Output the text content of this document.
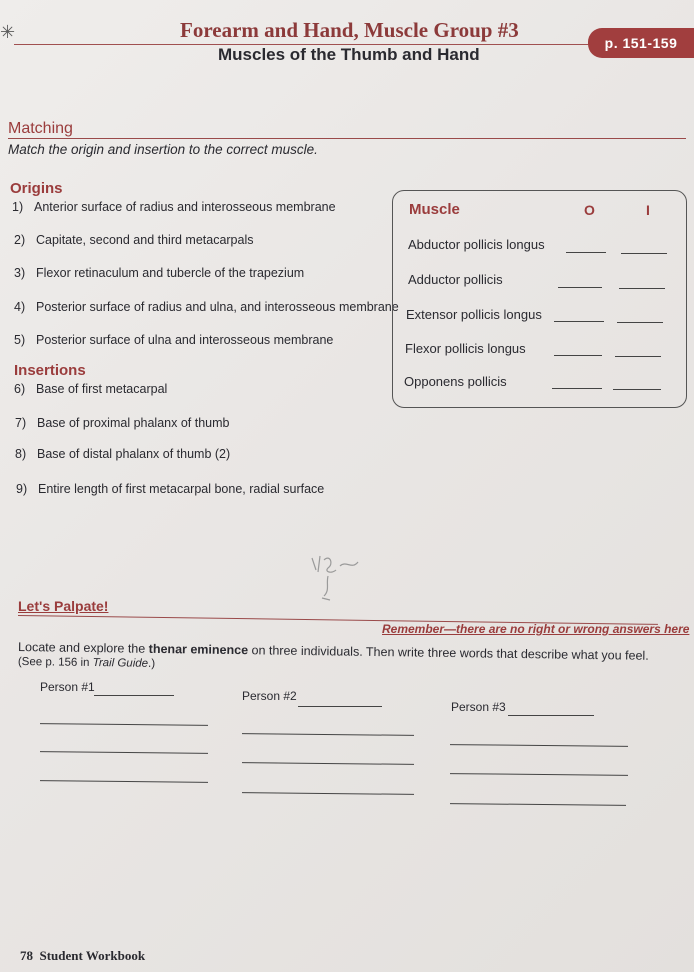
✳	Forearm and Hand, Muscle Group #3
Muscles of the Thumb and Hand
p. 151-159
Matching
Match the origin and insertion to the correct muscle.
Origins
1) Anterior surface of radius and interosseous membrane
2) Capitate, second and third metacarpals
3) Flexor retinaculum and tubercle of the trapezium
4) Posterior surface of radius and ulna, and interosseous membrane
5) Posterior surface of ulna and interosseous membrane
Insertions
6) Base of first metacarpal
7) Base of proximal phalanx of thumb
8) Base of distal phalanx of thumb (2)
9) Entire length of first metacarpal bone, radial surface
Muscle	O	I
Abductor pollicis longus
Adductor pollicis
Extensor pollicis longus
Flexor pollicis longus
Opponens pollicis
Let's Palpate!
Remember—there are no right or wrong answers here
Locate and explore the thenar eminence on three individuals. Then write three words that describe what you feel.
(See p. 156 in Trail Guide.)
Person #1
Person #2
Person #3
78 Student Workbook
